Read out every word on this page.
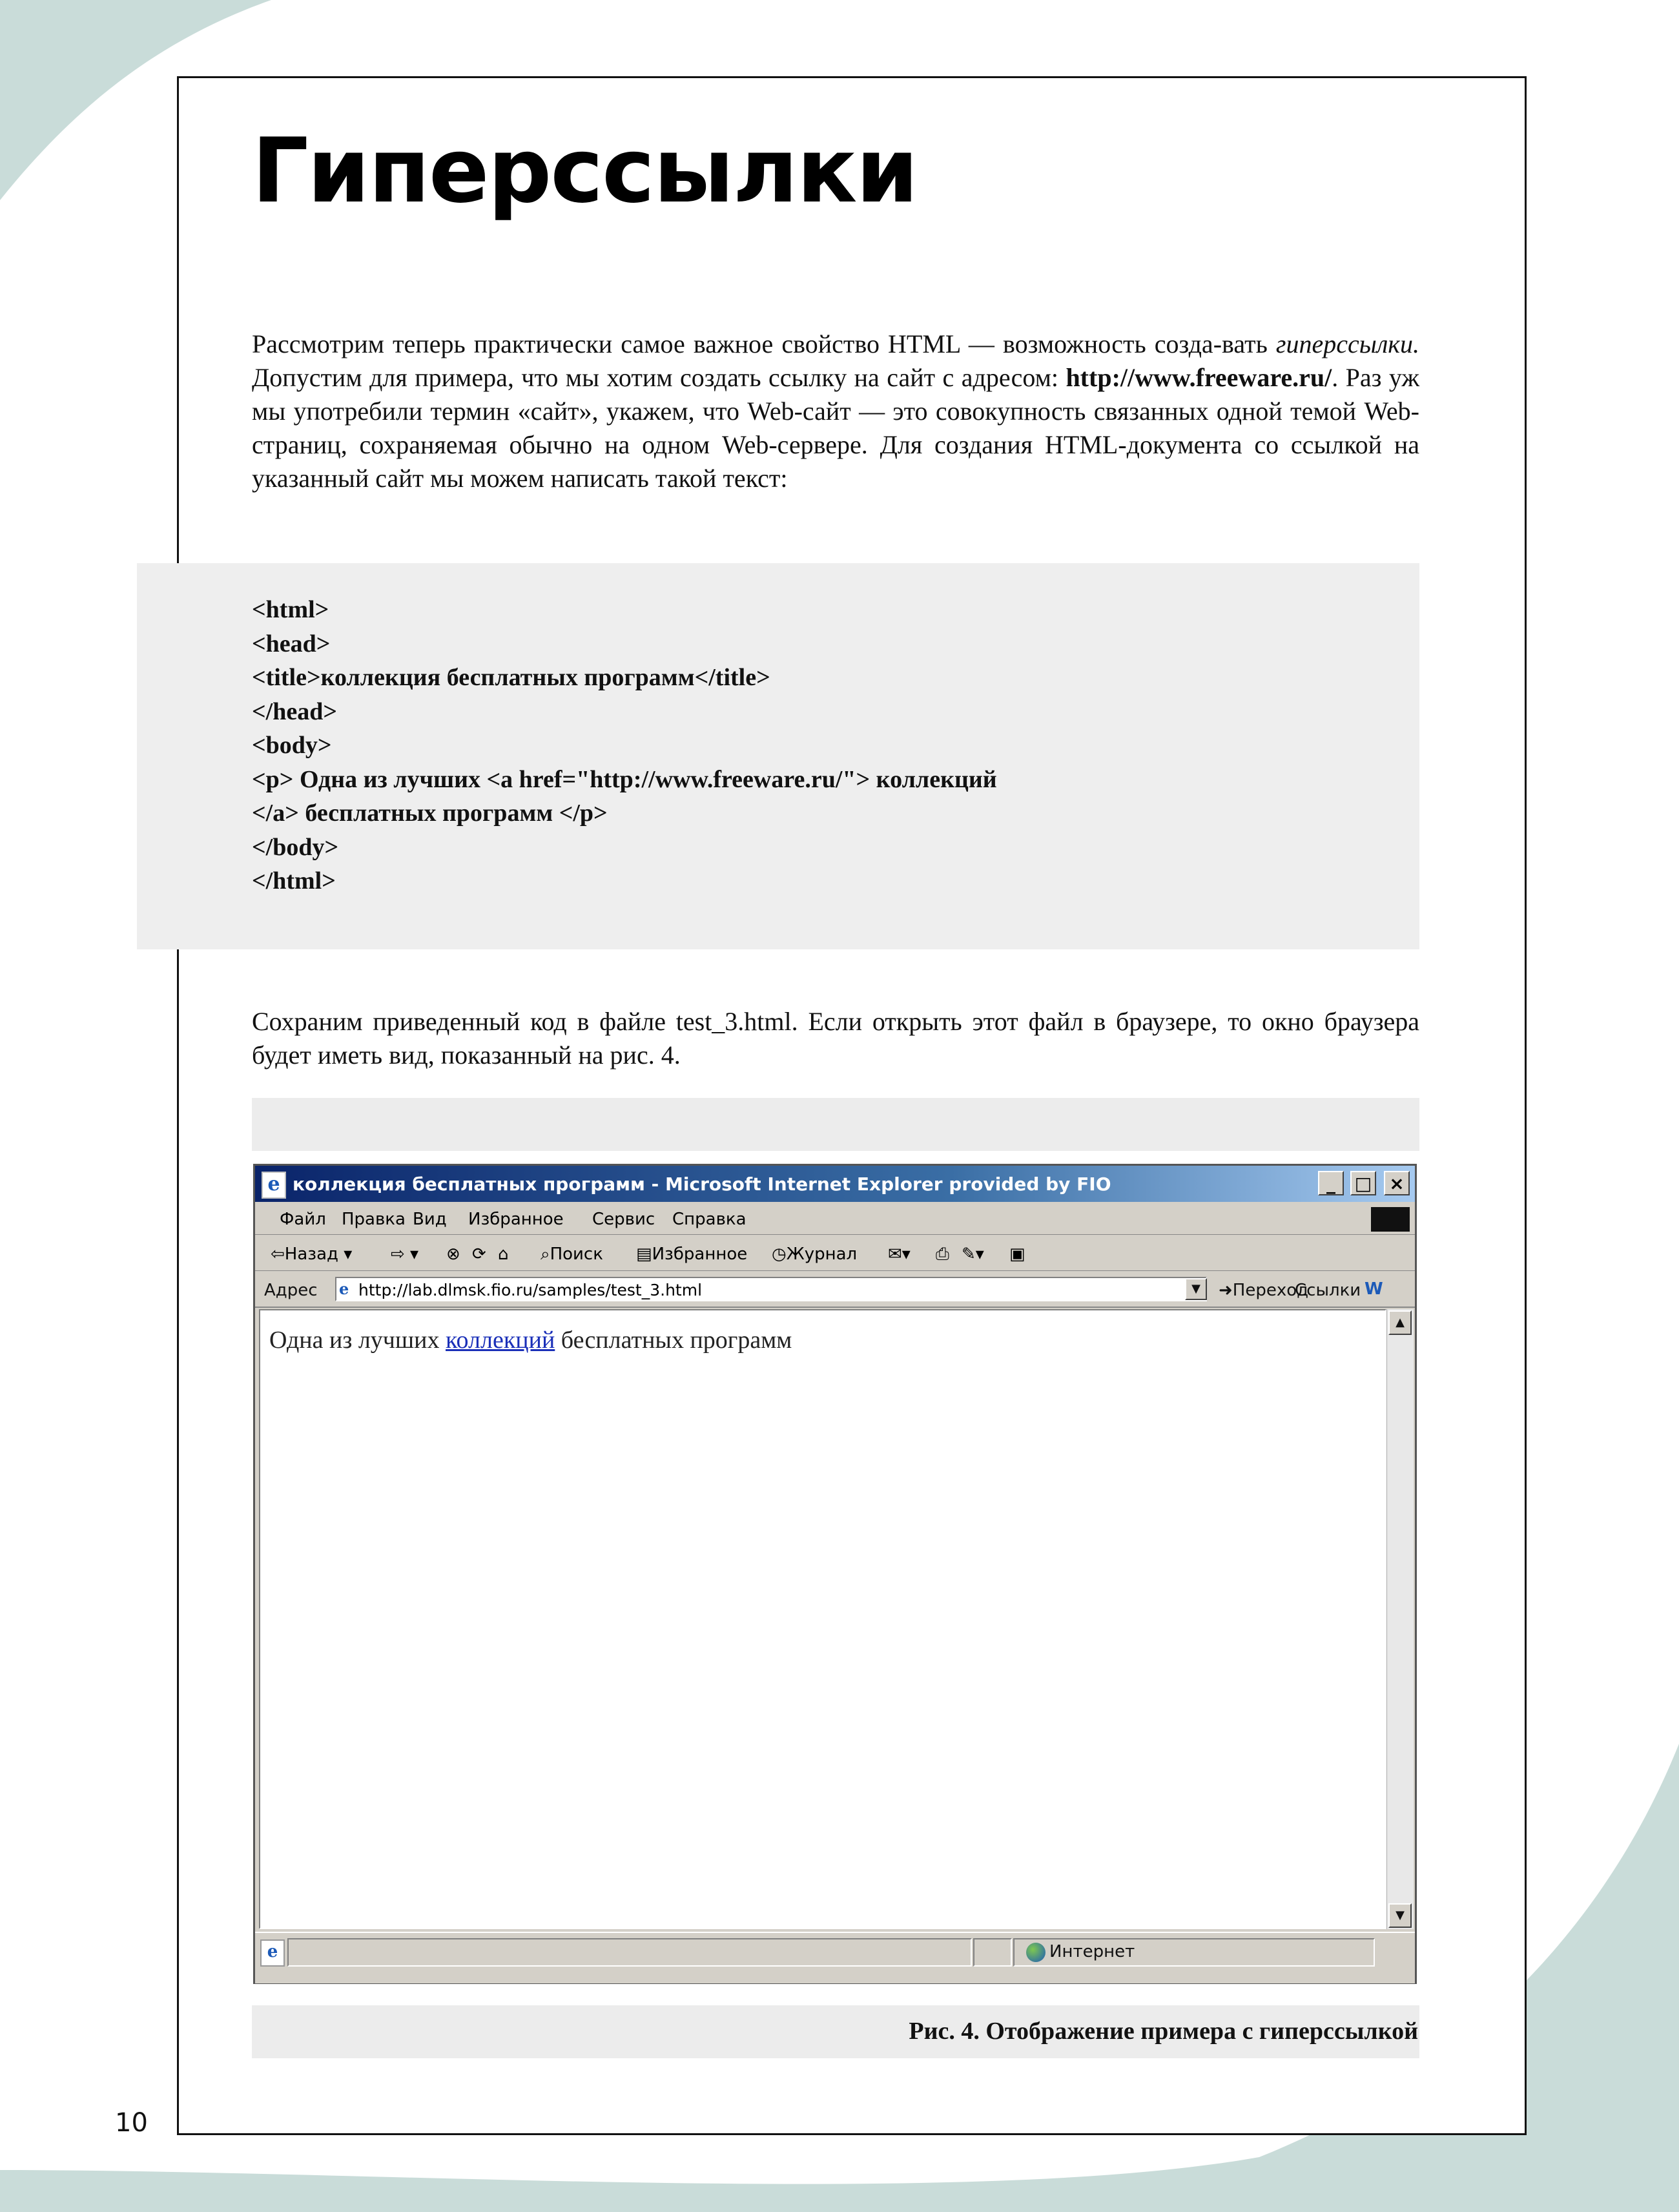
Гиперссылки

Рассмотрим теперь практически самое важное свойство HTML — возможность созда-вать гиперссылки. Допустим для примера, что мы хотим создать ссылку на сайт с адресом: http://www.freeware.ru/. Раз уж мы употребили термин «сайт», укажем, что Web-сайт — это совокупность связанных одной темой Web-страниц, сохраняемая обычно на одном Web-сервере. Для создания HTML-документа со ссылкой на указанный сайт мы можем написать такой текст:

<html>
<head>
<title>коллекция бесплатных программ</title>
</head>
<body>
<p> Одна из лучших <a href="http://www.freeware.ru/"> коллекций
</a> бесплатных программ </p>
</body>
</html>

Сохраним приведенный код в файле test_3.html. Если открыть этот файл в браузере, то окно браузера будет иметь вид, показанный на рис. 4.

e коллекция бесплатных программ - Microsoft Internet Explorer provided by FIO	_	□ ×
Файл Правка Вид Избранное Сервис Справка
⇦Назад ▾ ⇨ ▾ ⊗ ⟳ ⌂ ⌕Поиск ▤Избранное ◷Журнал ✉▾ ⎙ ✎▾ ▣
Адрес e http://lab.dlmsk.fio.ru/samples/test_3.html	▼	➜Переход
Ссылки W
Одна из лучших коллекций бесплатных программ
▲
▼
e	Интернет
Рис. 4. Отображение примера с гиперссылкой
10
